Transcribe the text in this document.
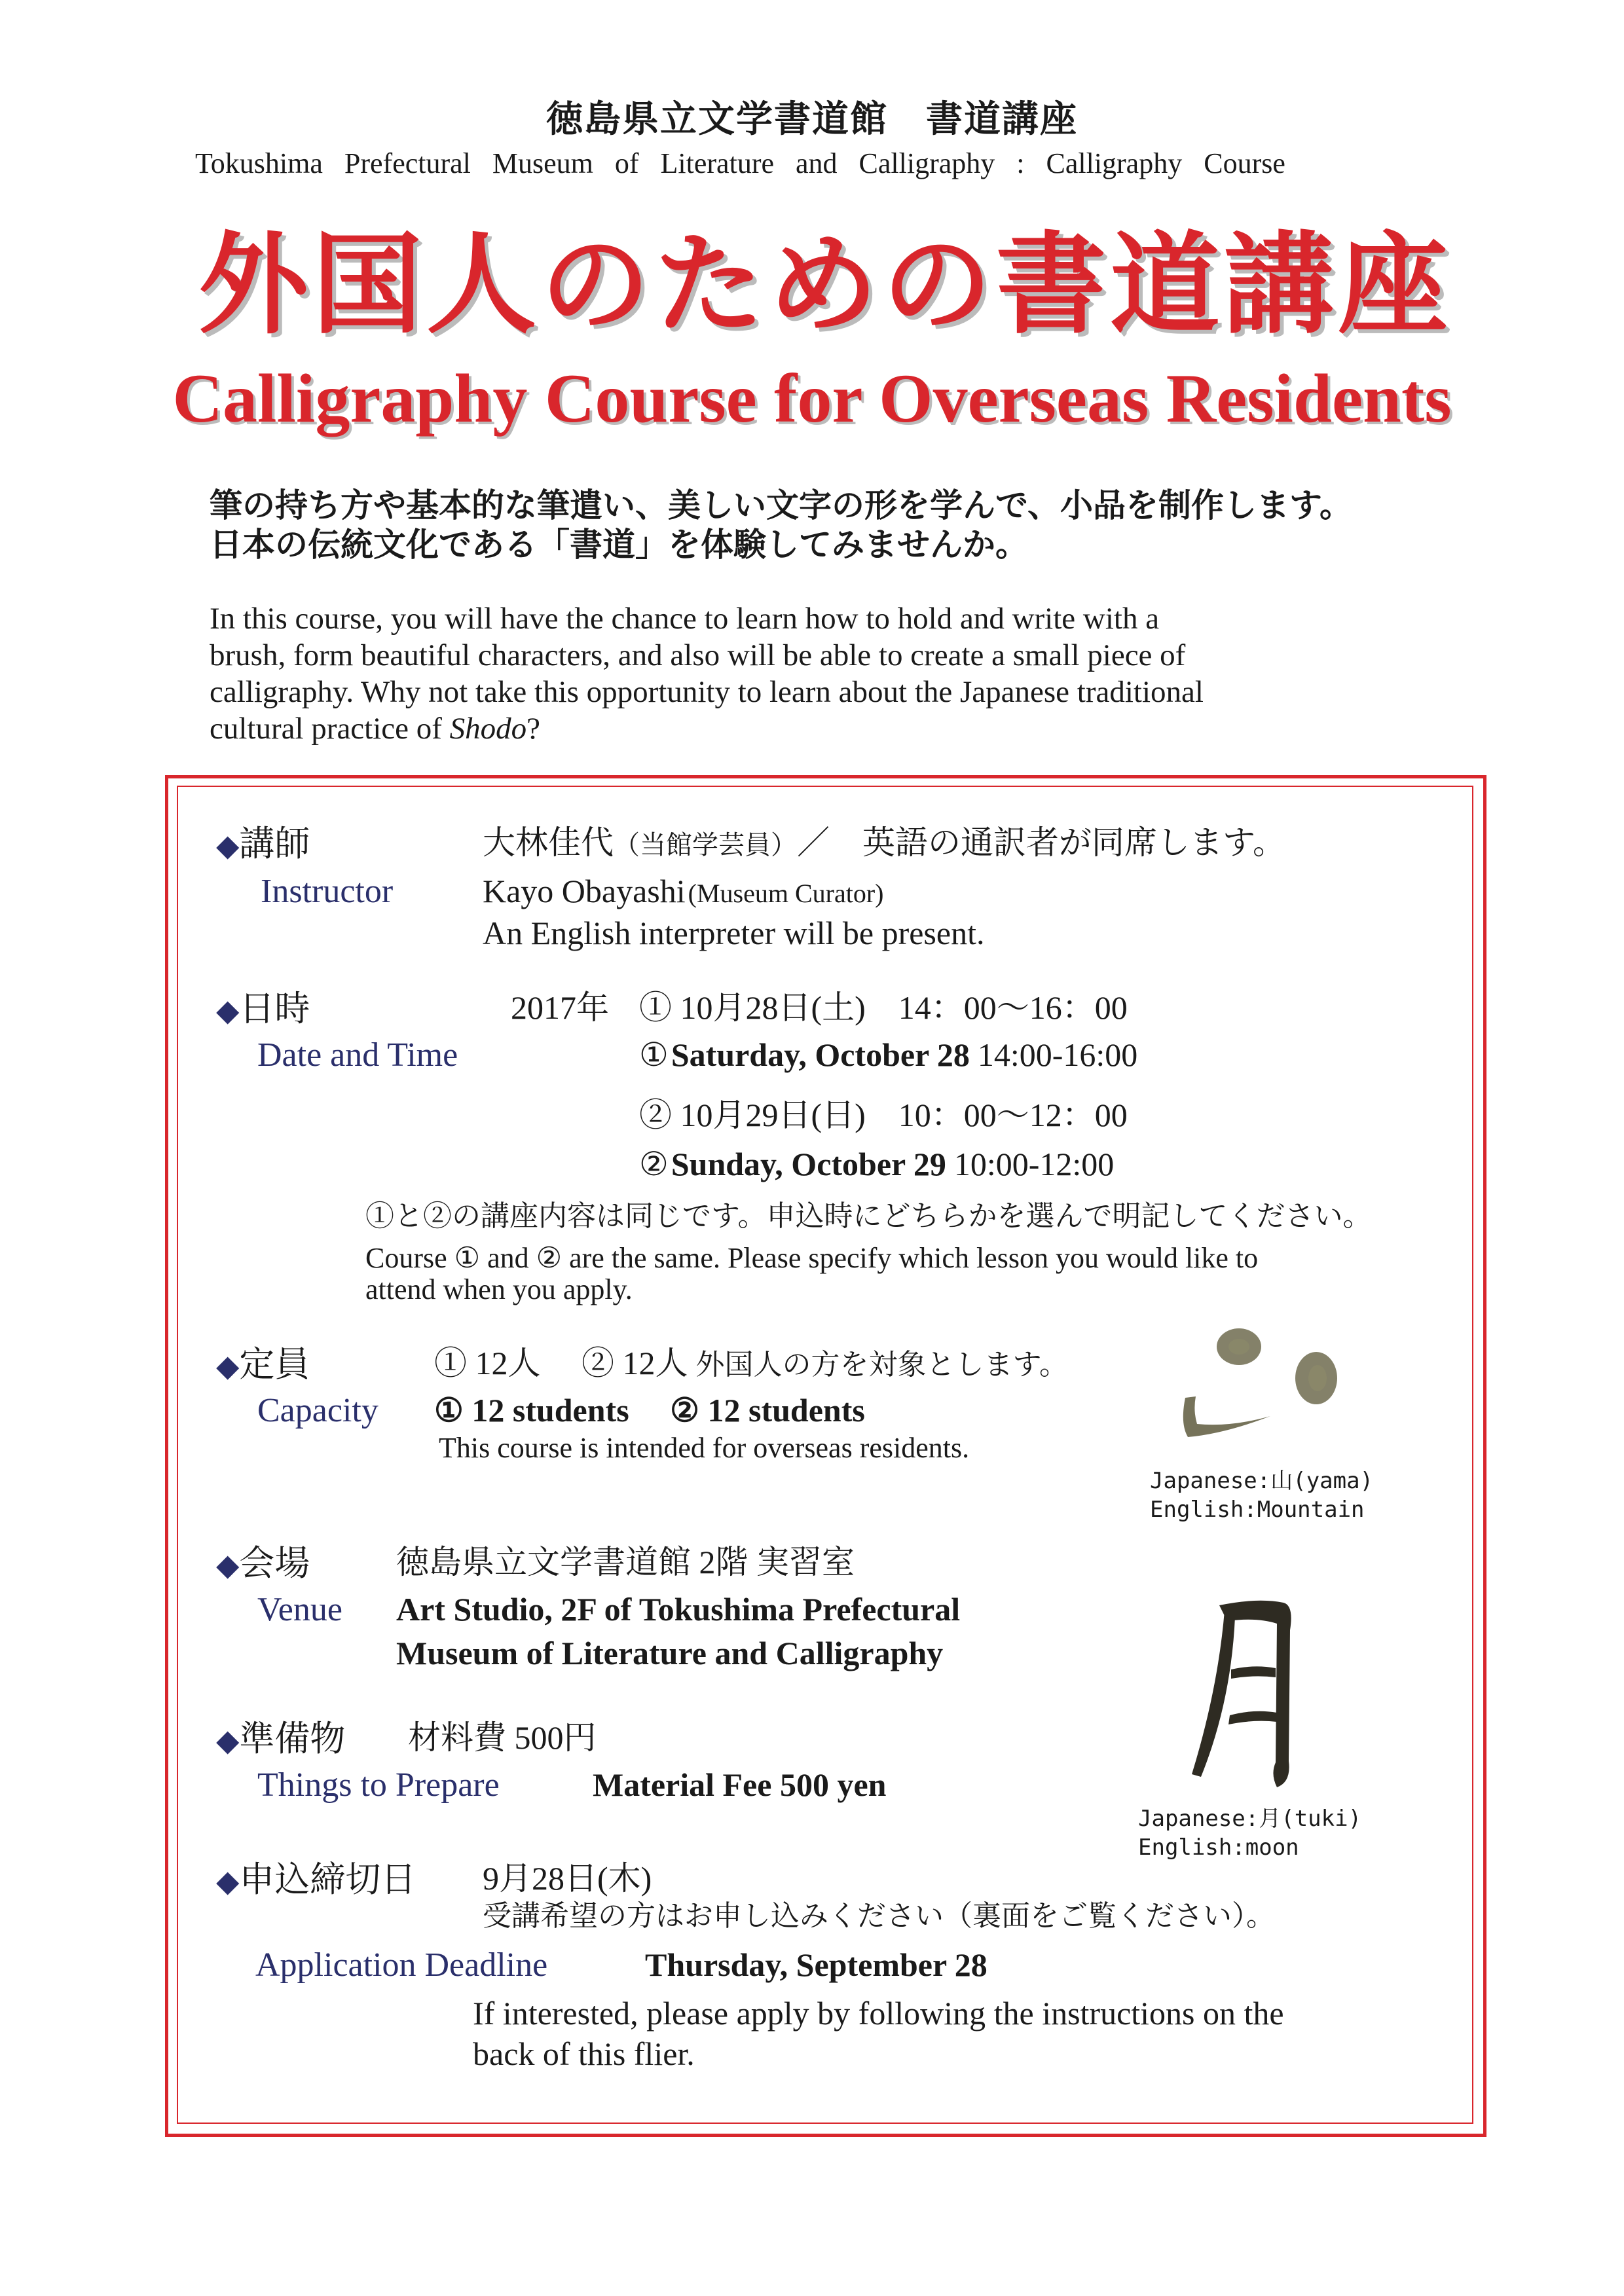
徳島県立文学書道館　書道講座
Tokushima Prefectural Museum of Literature and Calligraphy : Calligraphy Course
外国人のための書道講座
Calligraphy Course for Overseas Residents
筆の持ち方や基本的な筆遣い、美しい文字の形を学んで、小品を制作します。
日本の伝統文化である「書道」を体験してみませんか。
In this course, you will have the chance to learn how to hold and write with a
brush, form beautiful characters, and also will be able to create a small piece of
calligraphy. Why not take this opportunity to learn about the Japanese traditional
cultural practice of Shodo?
◆講師	大林佳代（当館学芸員）／　英語の通訳者が同席します。
Instructor	Kayo Obayashi (Museum Curator)
An English interpreter will be present.
◆日時	2017年 ① 10月28日(土)　14：00〜16：00
Date and Time	① Saturday, October 28 14:00-16:00
② 10月29日(日)　10：00〜12：00
② Sunday, October 29 10:00-12:00
①と②の講座内容は同じです。申込時にどちらかを選んで明記してください。
Course ① and ② are the same. Please specify which lesson you would like to
attend when you apply.
◆定員	① 12人　 ② 12人 外国人の方を対象とします。
Capacity ① 12 students　 ② 12 students
This course is intended for overseas residents.
Japanese:山(yama)
English:Mountain
Japanese:月(tuki)
English:moon
◆会場	徳島県立文学書道館 2階 実習室
Venue Art Studio, 2F of Tokushima Prefectural
Museum of Literature and Calligraphy
◆準備物 材料費 500円
Things to Prepare	Material Fee 500 yen
◆申込締切日 9月28日(木)
受講希望の方はお申し込みください（裏面をご覧ください）。
Application Deadline	Thursday, September 28
If interested, please apply by following the instructions on the
back of this flier.
